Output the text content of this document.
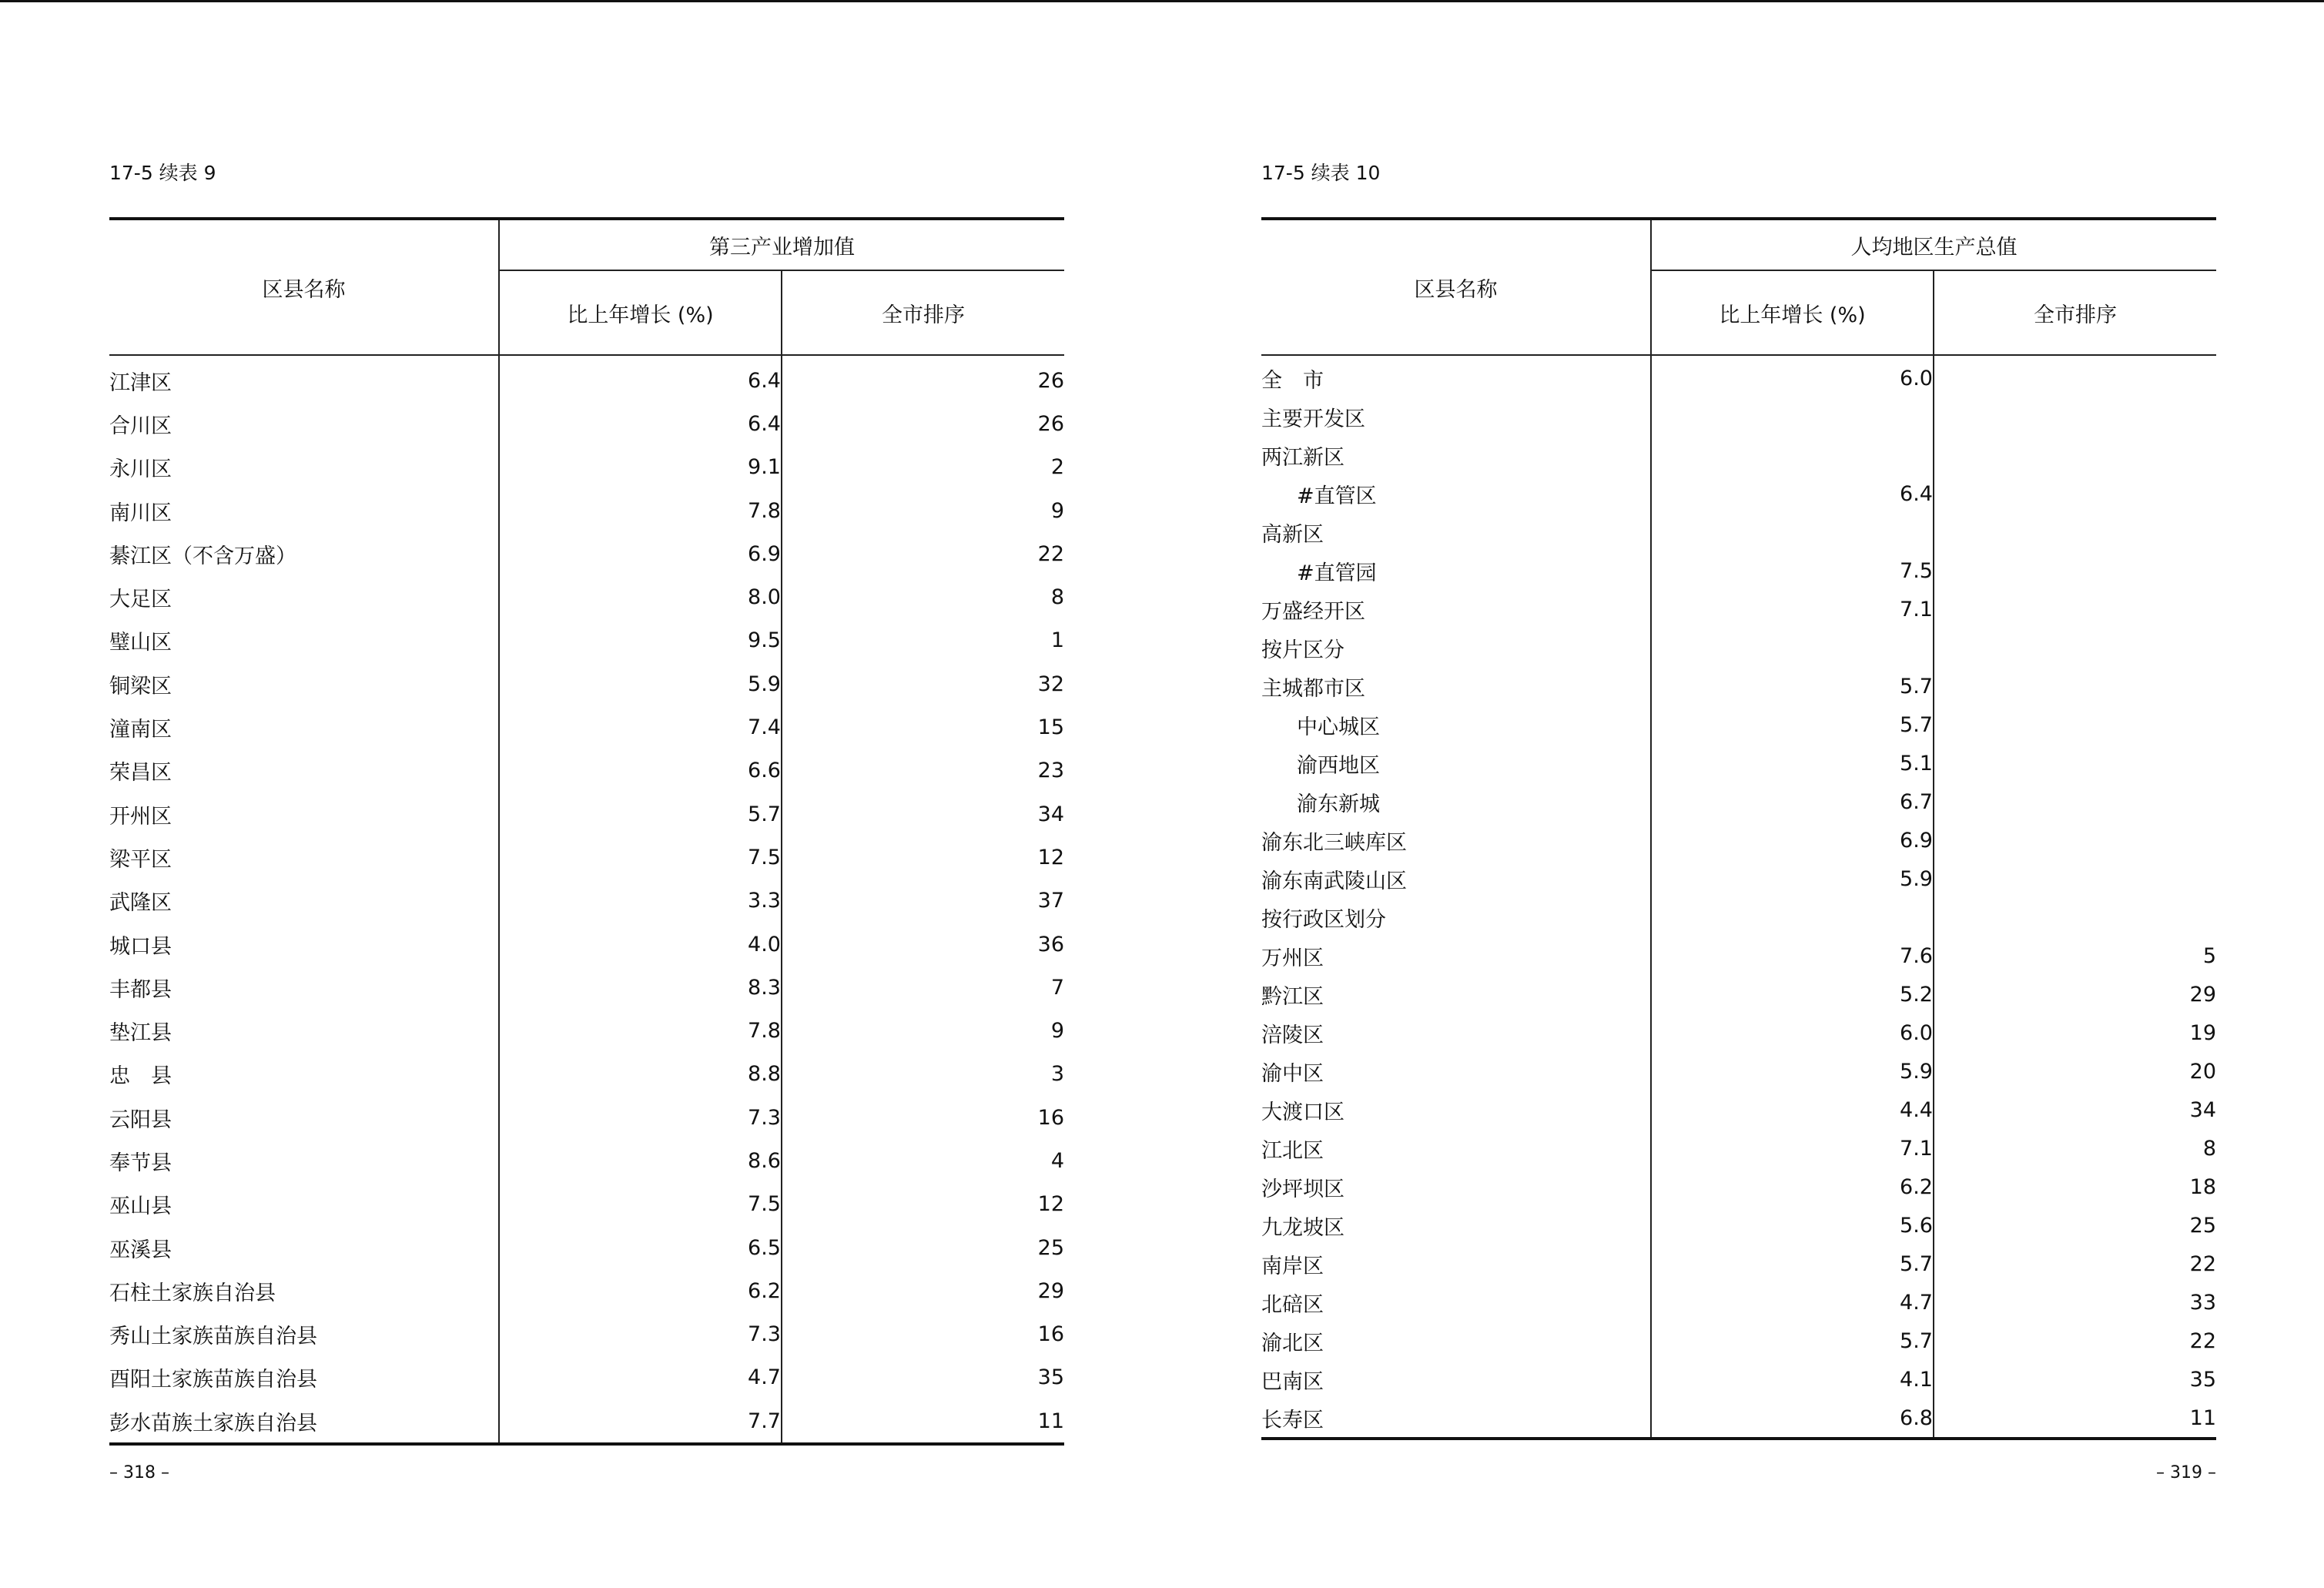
17-5 续表 9
区县名称	第三产业增加值	
	比上年增长 (%)	全市排序
江津区	6.4	26
合川区	6.4	26
永川区	9.1	2
南川区	7.8	9
綦江区（不含万盛）	6.9	22
大足区	8.0	8
璧山区	9.5	1
铜梁区	5.9	32
潼南区	7.4	15
荣昌区	6.6	23
开州区	5.7	34
梁平区	7.5	12
武隆区	3.3	37
城口县	4.0	36
丰都县	8.3	7
垫江县	7.8	9
忠　县	8.8	3
云阳县	7.3	16
奉节县	8.6	4
巫山县	7.5	12
巫溪县	6.5	25
石柱土家族自治县	6.2	29
秀山土家族苗族自治县	7.3	16
酉阳土家族苗族自治县	4.7	35
彭水苗族土家族自治县	7.7	11
– 318 –
17-5 续表 10
区县名称	人均地区生产总值	
	比上年增长 (%)	全市排序
全　市	6.0	
主要开发区		
两江新区		
#直管区	6.4	
高新区		
#直管园	7.5	
万盛经开区	7.1	
按片区分		
主城都市区	5.7	
中心城区	5.7	
渝西地区	5.1	
渝东新城	6.7	
渝东北三峡库区	6.9	
渝东南武陵山区	5.9	
按行政区划分		
万州区	7.6	5
黔江区	5.2	29
涪陵区	6.0	19
渝中区	5.9	20
大渡口区	4.4	34
江北区	7.1	8
沙坪坝区	6.2	18
九龙坡区	5.6	25
南岸区	5.7	22
北碚区	4.7	33
渝北区	5.7	22
巴南区	4.1	35
长寿区	6.8	11
– 319 –
